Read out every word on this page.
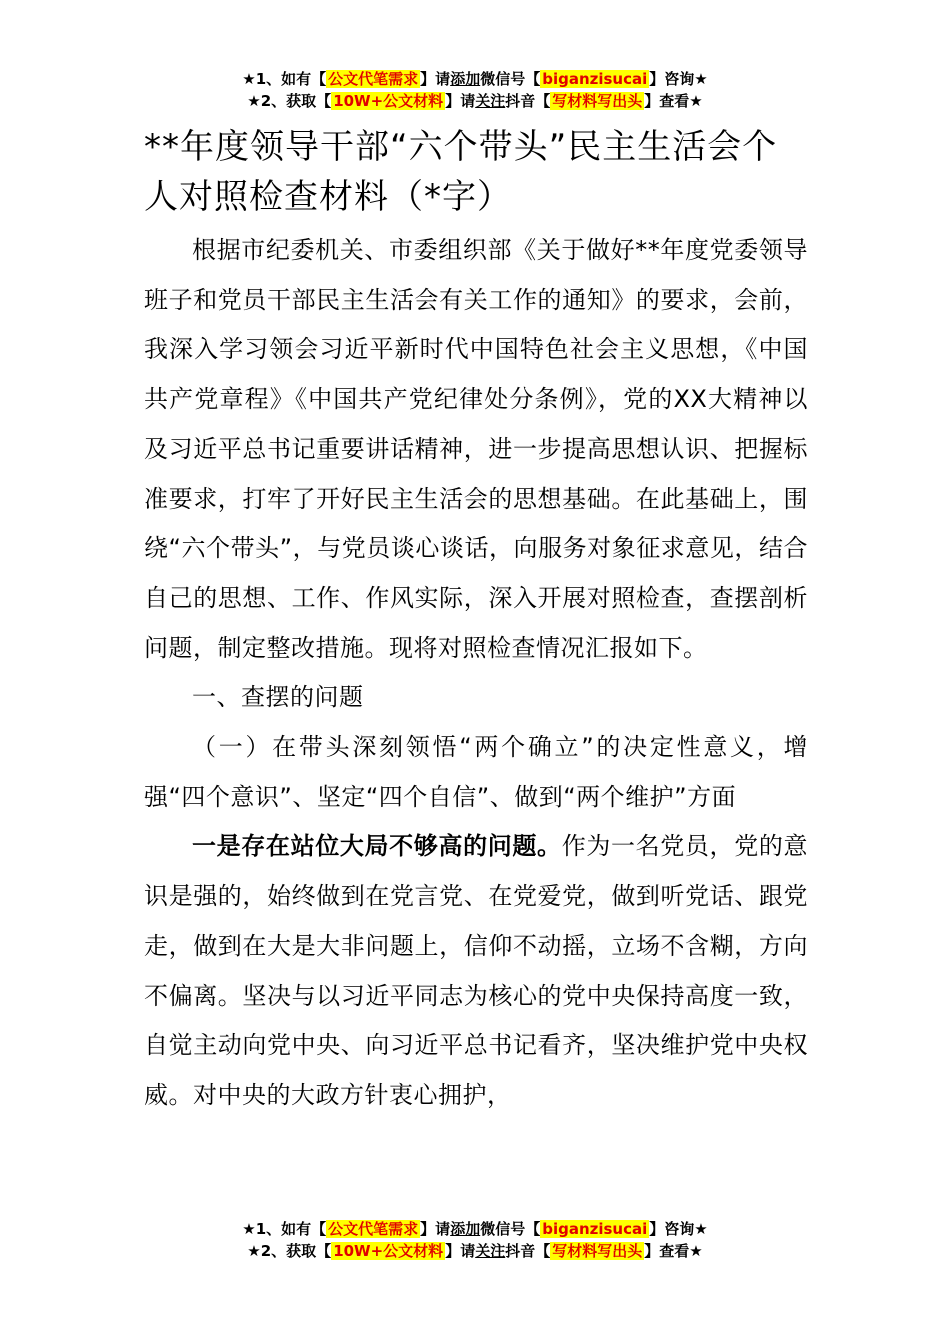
★1、如有【 公文代笔需求 】请添加微信号【 biganzisucai 】咨询★
★2、获取【 10W+公文材料 】请关注抖音【 写材料写出头 】查看★
**年度领导干部“六个带头”民主生活会个人对照检查材料（*字）

根据市纪委机关、市委组织部《关于做好**年度党委领导班子和党员干部民主生活会有关工作的通知》的要求，会前，我深入学习领会习近平新时代中国特色社会主义思想，《中国共产党章程》《中国共产党纪律处分条例》，党的XX大精神以及习近平总书记重要讲话精神，进一步提高思想认识、把握标准要求，打牢了开好民主生活会的思想基础。在此基础上，围绕“六个带头”，与党员谈心谈话，向服务对象征求意见，结合自己的思想、工作、作风实际，深入开展对照检查，查摆剖析问题，制定整改措施。现将对照检查情况汇报如下。

一、查摆的问题

（一）在带头深刻领悟“两个确立”的决定性意义，增强“四个意识”、坚定“四个自信”、做到“两个维护”方面

一是存在站位大局不够高的问题。作为一名党员，党的意识是强的，始终做到在党言党、在党爱党，做到听党话、跟党走，做到在大是大非问题上，信仰不动摇，立场不含糊，方向不偏离。坚决与以习近平同志为核心的党中央保持高度一致，自觉主动向党中央、向习近平总书记看齐，坚决维护党中央权威。对中央的大政方针衷心拥护，

★1、如有【 公文代笔需求 】请添加微信号【 biganzisucai 】咨询★
★2、获取【 10W+公文材料 】请关注抖音【 写材料写出头 】查看★
